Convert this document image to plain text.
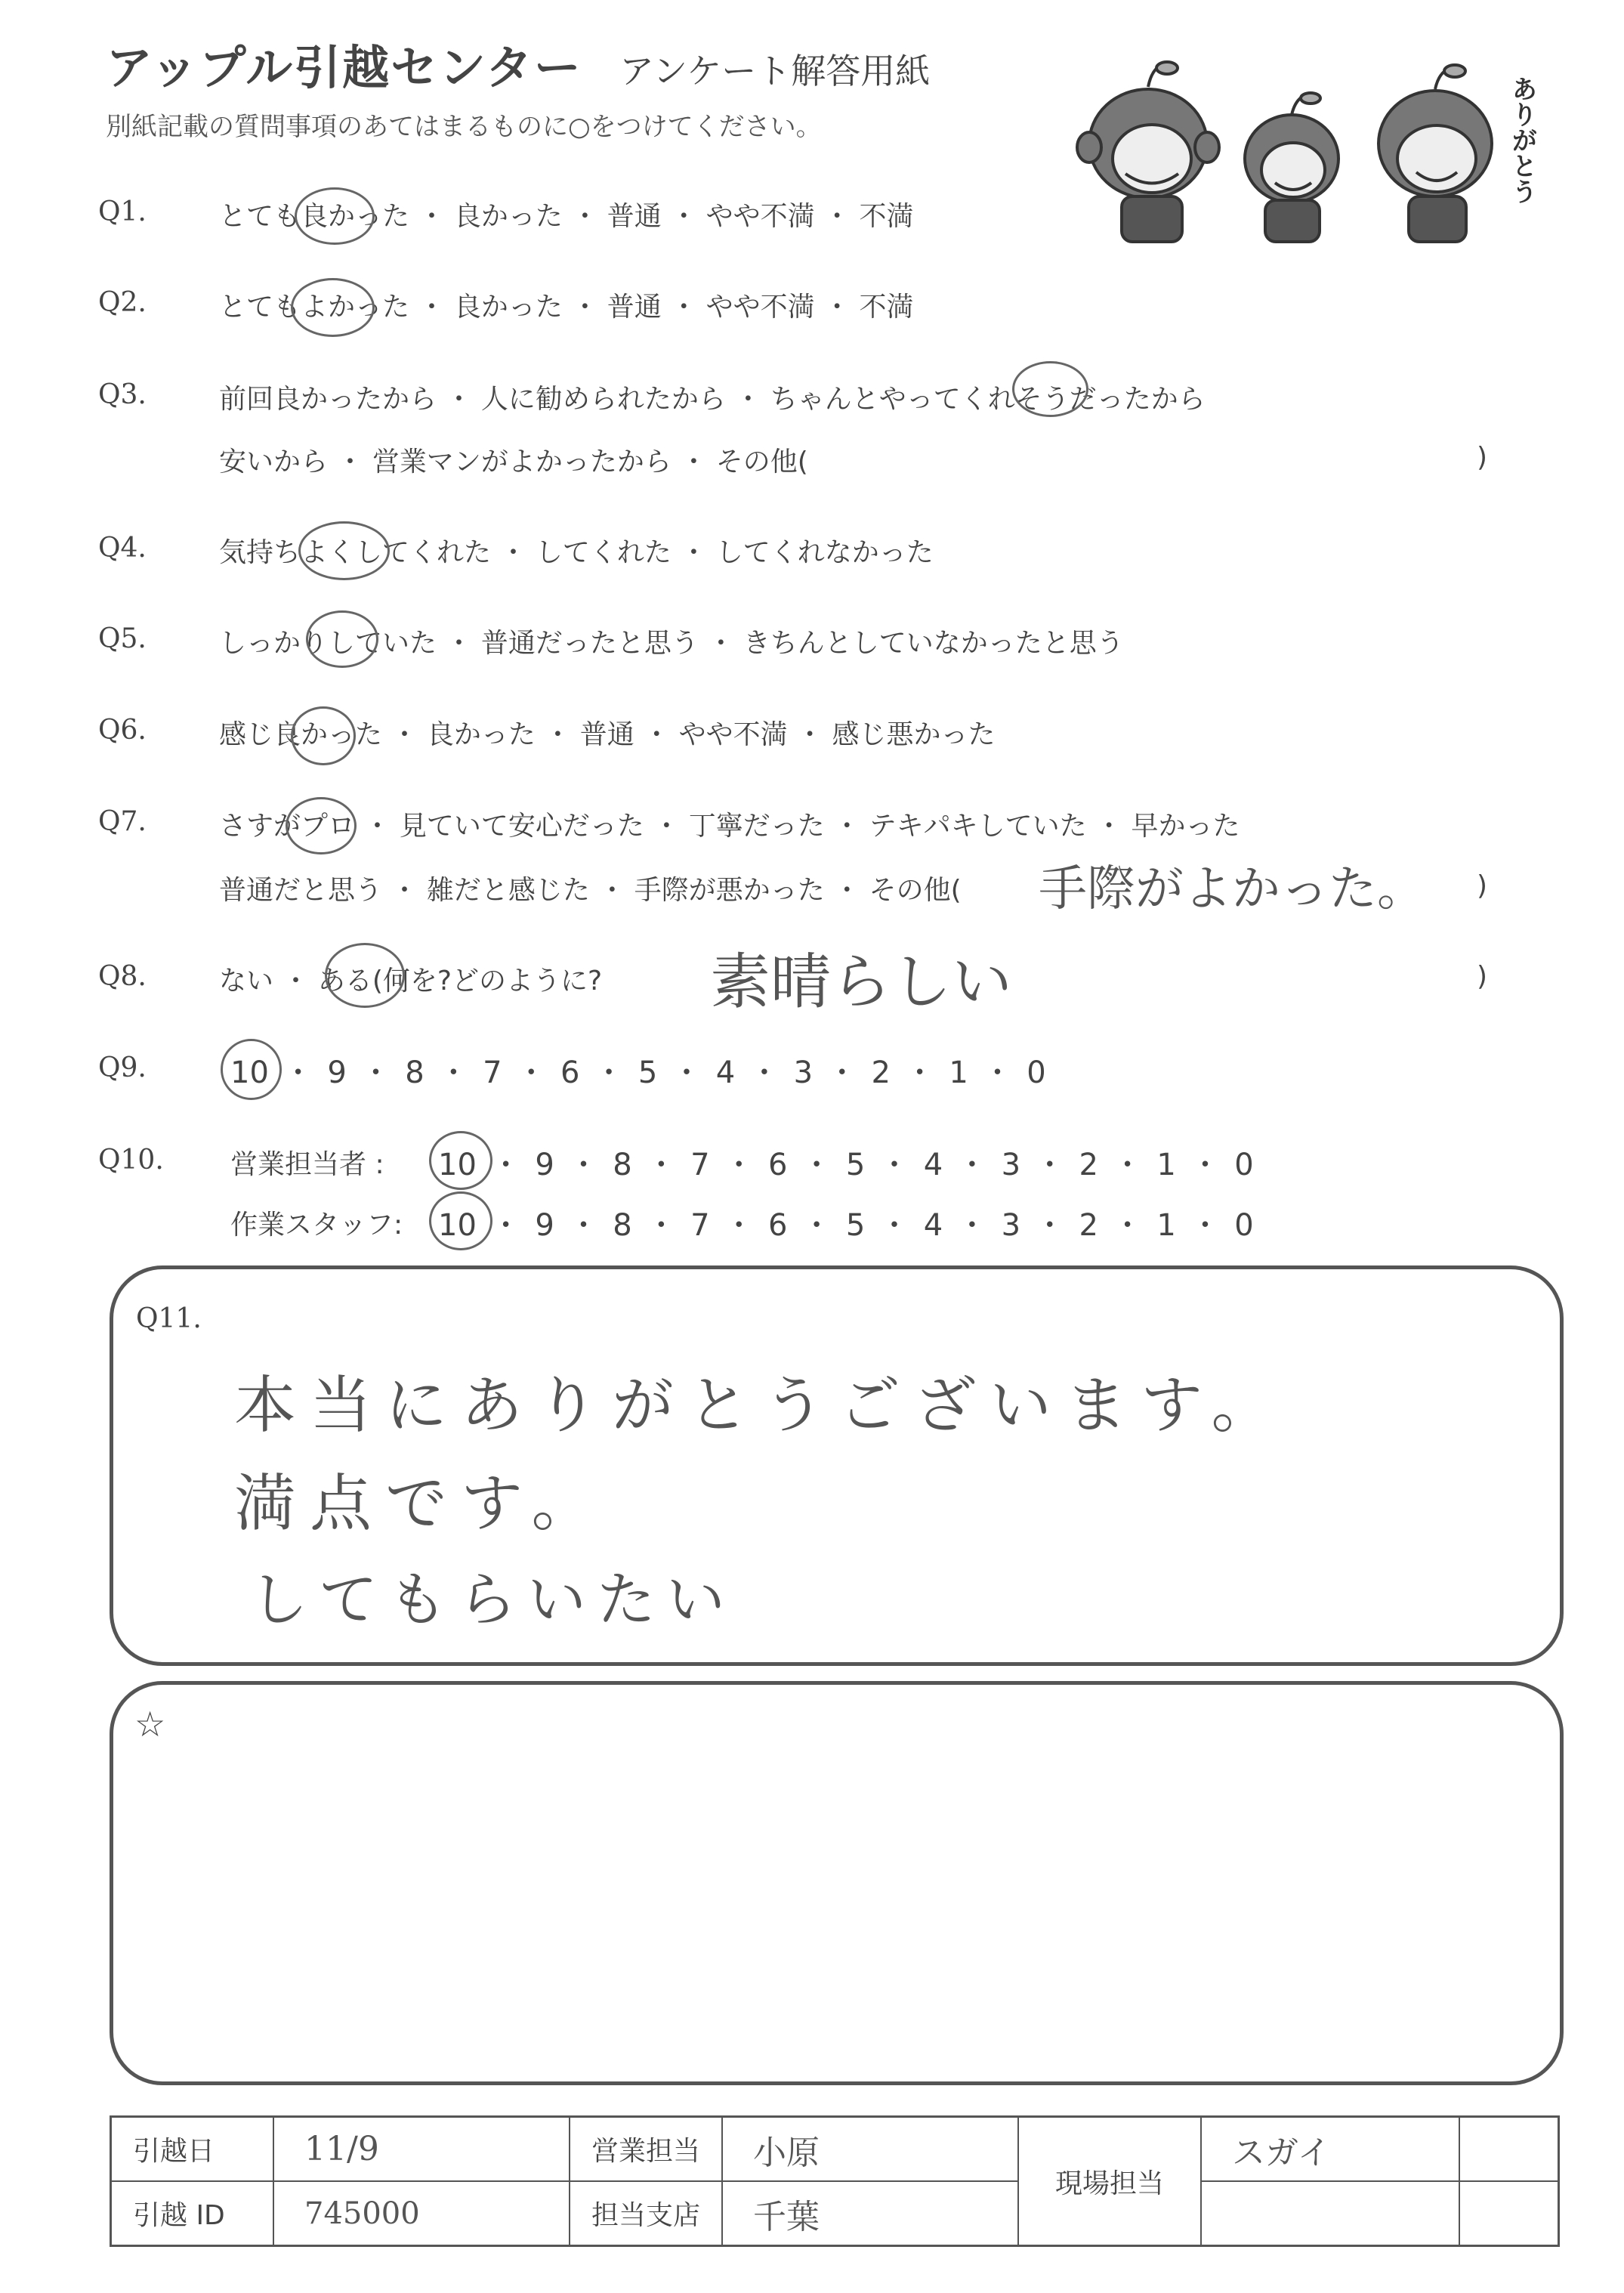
アップル引越センター アンケート解答用紙
別紙記載の質問事項のあてはまるものに○をつけてください。	ありがとう
Q1.	とても良かった ・ 良かった ・ 普通 ・ やや不満 ・ 不満
Q2.	とてもよかった ・ 良かった ・ 普通 ・ やや不満 ・ 不満
Q3.	前回良かったから ・ 人に勧められたから ・ ちゃんとやってくれそうだったから
安いから ・ 営業マンがよかったから ・ その他(	)
Q4.	気持ちよくしてくれた ・ してくれた ・ してくれなかった
Q5.	しっかりしていた ・ 普通だったと思う ・ きちんとしていなかったと思う
Q6.	感じ良かった ・ 良かった ・ 普通 ・ やや不満 ・ 感じ悪かった
Q7.	さすがプロ ・ 見ていて安心だった ・ 丁寧だった ・ テキパキしていた ・ 早かった
普通だと思う ・ 雑だと感じた ・ 手際が悪かった ・ その他( 手際がよかった。 )
Q8.	ない ・ ある(何を?どのように? 素晴らしい	)
Q9.	10 ・ 9 ・ 8 ・ 7 ・ 6 ・ 5 ・ 4 ・ 3 ・ 2 ・ 1 ・ 0
Q10. 営業担当者 : 10 ・ 9 ・ 8 ・ 7 ・ 6 ・ 5 ・ 4 ・ 3 ・ 2 ・ 1 ・ 0
作業スタッフ: 10 ・ 9 ・ 8 ・ 7 ・ 6 ・ 5 ・ 4 ・ 3 ・ 2 ・ 1 ・ 0
Q11.
本当にありがとうございます。
満点です。
してもらいたい
☆
引越日	11/9	営業担当	小原	現場担当	スガイ	
引越 ID	745000	担当支店	千葉			
